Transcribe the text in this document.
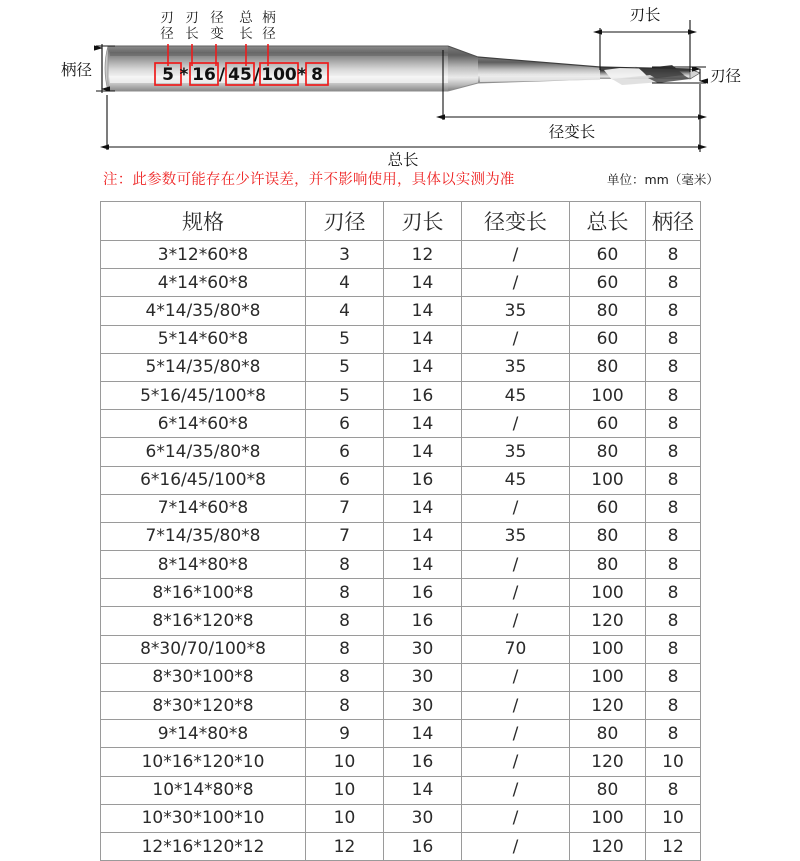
刃径
刃长
径变
总长
柄径
5 * 16 / 45 / 100 * 8
柄径
刃长
刃径
径变长
总长
注：此参数可能存在少许误差，并不影响使用，具体以实测为准	单位：mm（毫米）
规格	刃径	刃长	径变长	总长	柄径
3*12*60*8	3	12	/	60	8
4*14*60*8	4	14	/	60	8
4*14/35/80*8	4	14	35	80	8
5*14*60*8	5	14	/	60	8
5*14/35/80*8	5	14	35	80	8
5*16/45/100*8	5	16	45	100	8
6*14*60*8	6	14	/	60	8
6*14/35/80*8	6	14	35	80	8
6*16/45/100*8	6	16	45	100	8
7*14*60*8	7	14	/	60	8
7*14/35/80*8	7	14	35	80	8
8*14*80*8	8	14	/	80	8
8*16*100*8	8	16	/	100	8
8*16*120*8	8	16	/	120	8
8*30/70/100*8	8	30	70	100	8
8*30*100*8	8	30	/	100	8
8*30*120*8	8	30	/	120	8
9*14*80*8	9	14	/	80	8
10*16*120*10	10	16	/	120	10
10*14*80*8	10	14	/	80	8
10*30*100*10	10	30	/	100	10
12*16*120*12	12	16	/	120	12
